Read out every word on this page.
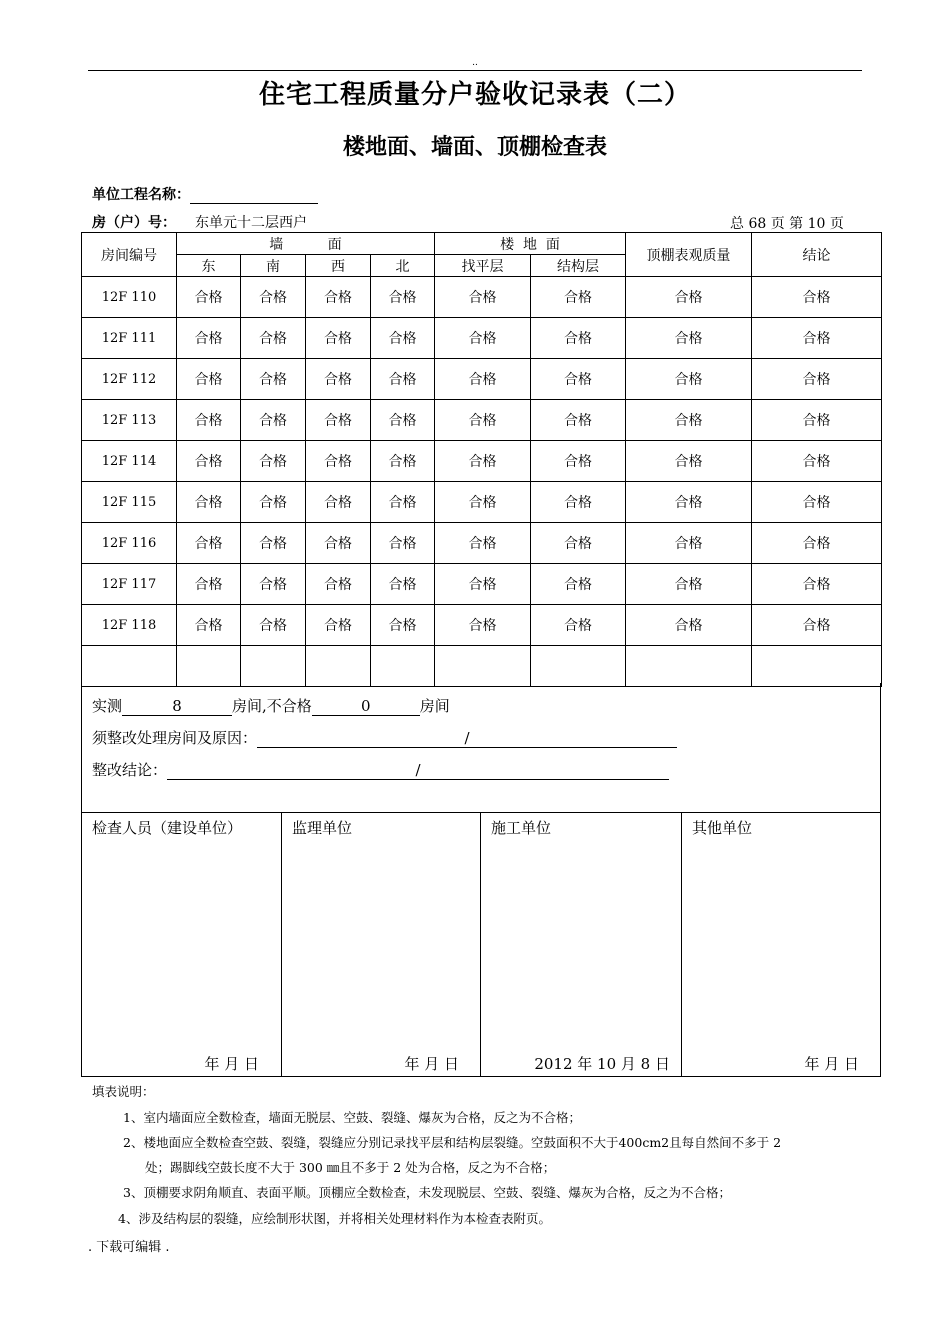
..
住宅工程质量分户验收记录表（二）
楼地面、墙面、顶棚检查表
单位工程名称：
房（户）号： 东单元十二层西户	总 68 页 第 10 页
房间编号	墙          面				楼  地  面		顶棚表观质量	结论
	东	南	西	北	找平层	结构层		
12F 110	合格	合格	合格	合格	合格	合格	合格	合格
12F 111	合格	合格	合格	合格	合格	合格	合格	合格
12F 112	合格	合格	合格	合格	合格	合格	合格	合格
12F 113	合格	合格	合格	合格	合格	合格	合格	合格
12F 114	合格	合格	合格	合格	合格	合格	合格	合格
12F 115	合格	合格	合格	合格	合格	合格	合格	合格
12F 116	合格	合格	合格	合格	合格	合格	合格	合格
12F 117	合格	合格	合格	合格	合格	合格	合格	合格
12F 118	合格	合格	合格	合格	合格	合格	合格	合格

实测	8	房间,不合格	0	房间
须整改处理房间及原因：	/
整改结论：	/
检查人员（建设单位）
年 月 日
监理单位
年 月 日
施工单位
2012 年 10 月 8 日
其他单位
年 月 日
填表说明：
1、室内墙面应全数检查，墙面无脱层、空鼓、裂缝、爆灰为合格，反之为不合格；
2、楼地面应全数检查空鼓、裂缝，裂缝应分别记录找平层和结构层裂缝。空鼓面积不大于400cm2且每自然间不多于 2
处；踢脚线空鼓长度不大于 300 ㎜且不多于 2 处为合格，反之为不合格；
3、顶棚要求阴角顺直、表面平顺。顶棚应全数检查，未发现脱层、空鼓、裂缝、爆灰为合格，反之为不合格；
4、涉及结构层的裂缝，应绘制形状图，并将相关处理材料作为本检查表附页。
. 下载可编辑 .
